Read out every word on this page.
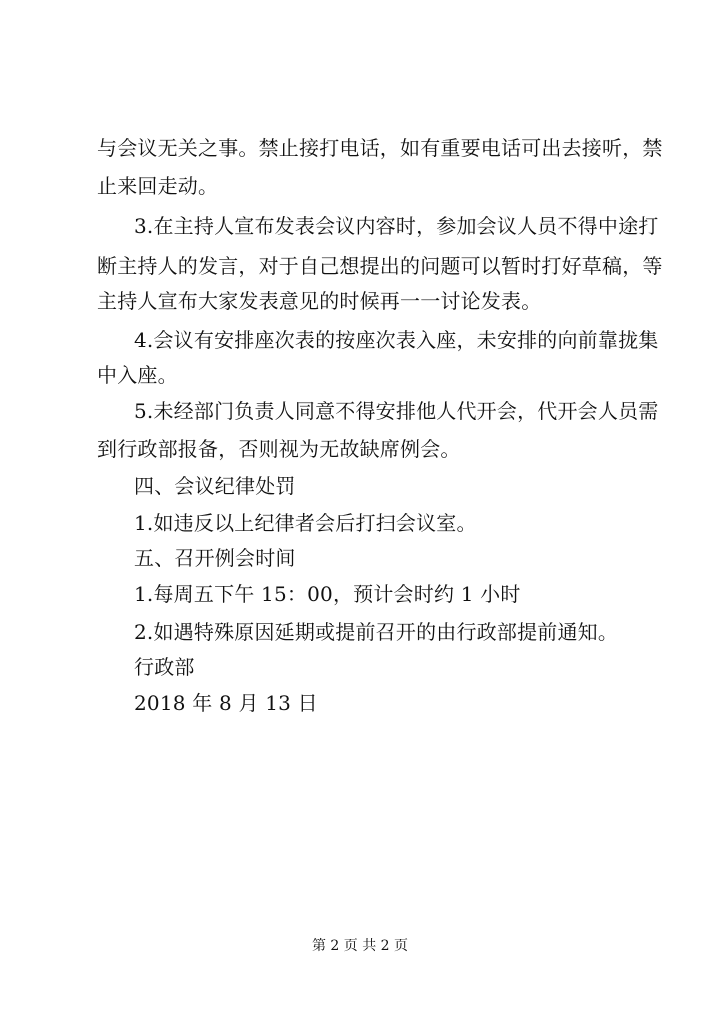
与会议无关之事。禁止接打电话，如有重要电话可出去接听，禁
止来回走动。
3.在主持人宣布发表会议内容时，参加会议人员不得中途打
断主持人的发言，对于自己想提出的问题可以暂时打好草稿，等
主持人宣布大家发表意见的时候再一一讨论发表。
4.会议有安排座次表的按座次表入座，未安排的向前靠拢集
中入座。
5.未经部门负责人同意不得安排他人代开会，代开会人员需
到行政部报备，否则视为无故缺席例会。
四、会议纪律处罚
1.如违反以上纪律者会后打扫会议室。
五、召开例会时间
1.每周五下午 15：00，预计会时约 1 小时
2.如遇特殊原因延期或提前召开的由行政部提前通知。
行政部
2018 年 8 月 13 日
第 2 页 共 2 页
